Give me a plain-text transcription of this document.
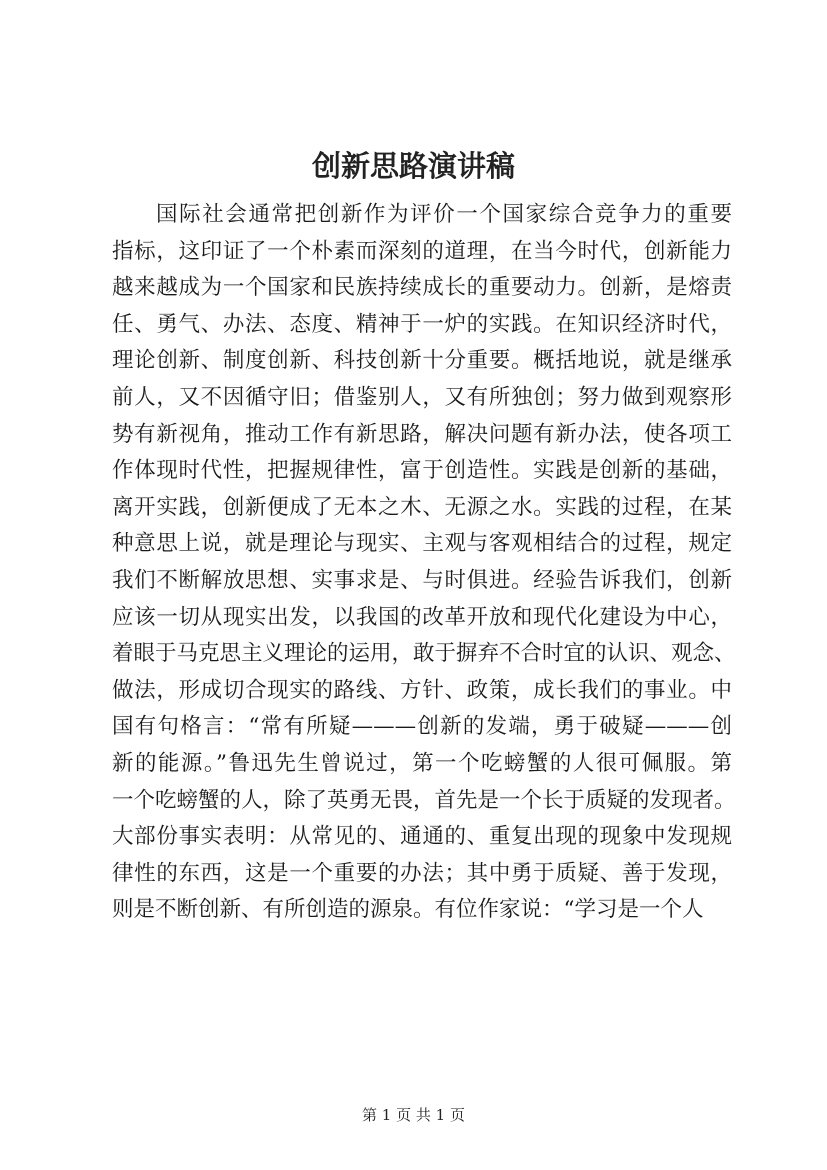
创新思路演讲稿
国际社会通常把创新作为评价一个国家综合竞争力的重要
指标，这印证了一个朴素而深刻的道理，在当今时代，创新能力
越来越成为一个国家和民族持续成长的重要动力。创新，是熔责
任、勇气、办法、态度、精神于一炉的实践。在知识经济时代，
理论创新、制度创新、科技创新十分重要。概括地说，就是继承
前人，又不因循守旧；借鉴别人，又有所独创；努力做到观察形
势有新视角，推动工作有新思路，解决问题有新办法，使各项工
作体现时代性，把握规律性，富于创造性。实践是创新的基础，
离开实践，创新便成了无本之木、无源之水。实践的过程，在某
种意思上说，就是理论与现实、主观与客观相结合的过程，规定
我们不断解放思想、实事求是、与时俱进。经验告诉我们，创新
应该一切从现实出发，以我国的改革开放和现代化建设为中心，
着眼于马克思主义理论的运用，敢于摒弃不合时宜的认识、观念、
做法，形成切合现实的路线、方针、政策，成长我们的事业。中
国有句格言：“常有所疑———创新的发端，勇于破疑———创
新的能源。”鲁迅先生曾说过，第一个吃螃蟹的人很可佩服。第
一个吃螃蟹的人，除了英勇无畏，首先是一个长于质疑的发现者。
大部份事实表明：从常见的、通通的、重复出现的现象中发现规
律性的东西，这是一个重要的办法；其中勇于质疑、善于发现，
则是不断创新、有所创造的源泉。有位作家说：“学习是一个人
第 1 页 共 1 页
